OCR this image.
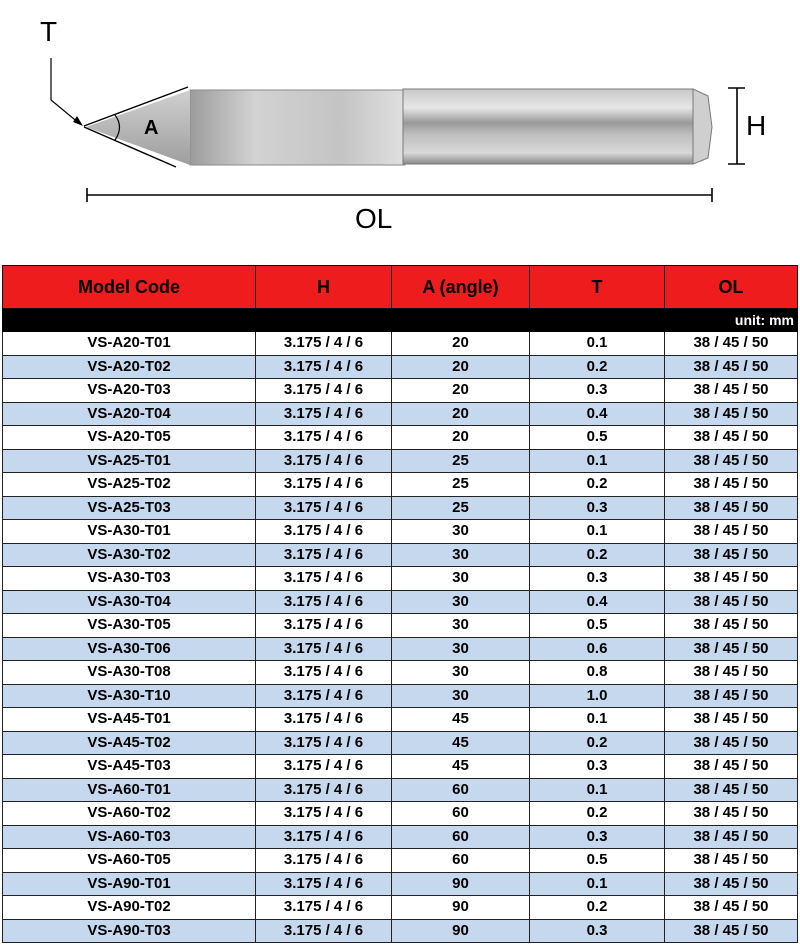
T
A	H
OL
Model Code	H	A (angle)	T	OL
unit: mm				
VS-A20-T01	3.175 / 4 / 6	20	0.1	38 / 45 / 50
VS-A20-T02	3.175 / 4 / 6	20	0.2	38 / 45 / 50
VS-A20-T03	3.175 / 4 / 6	20	0.3	38 / 45 / 50
VS-A20-T04	3.175 / 4 / 6	20	0.4	38 / 45 / 50
VS-A20-T05	3.175 / 4 / 6	20	0.5	38 / 45 / 50
VS-A25-T01	3.175 / 4 / 6	25	0.1	38 / 45 / 50
VS-A25-T02	3.175 / 4 / 6	25	0.2	38 / 45 / 50
VS-A25-T03	3.175 / 4 / 6	25	0.3	38 / 45 / 50
VS-A30-T01	3.175 / 4 / 6	30	0.1	38 / 45 / 50
VS-A30-T02	3.175 / 4 / 6	30	0.2	38 / 45 / 50
VS-A30-T03	3.175 / 4 / 6	30	0.3	38 / 45 / 50
VS-A30-T04	3.175 / 4 / 6	30	0.4	38 / 45 / 50
VS-A30-T05	3.175 / 4 / 6	30	0.5	38 / 45 / 50
VS-A30-T06	3.175 / 4 / 6	30	0.6	38 / 45 / 50
VS-A30-T08	3.175 / 4 / 6	30	0.8	38 / 45 / 50
VS-A30-T10	3.175 / 4 / 6	30	1.0	38 / 45 / 50
VS-A45-T01	3.175 / 4 / 6	45	0.1	38 / 45 / 50
VS-A45-T02	3.175 / 4 / 6	45	0.2	38 / 45 / 50
VS-A45-T03	3.175 / 4 / 6	45	0.3	38 / 45 / 50
VS-A60-T01	3.175 / 4 / 6	60	0.1	38 / 45 / 50
VS-A60-T02	3.175 / 4 / 6	60	0.2	38 / 45 / 50
VS-A60-T03	3.175 / 4 / 6	60	0.3	38 / 45 / 50
VS-A60-T05	3.175 / 4 / 6	60	0.5	38 / 45 / 50
VS-A90-T01	3.175 / 4 / 6	90	0.1	38 / 45 / 50
VS-A90-T02	3.175 / 4 / 6	90	0.2	38 / 45 / 50
VS-A90-T03	3.175 / 4 / 6	90	0.3	38 / 45 / 50
